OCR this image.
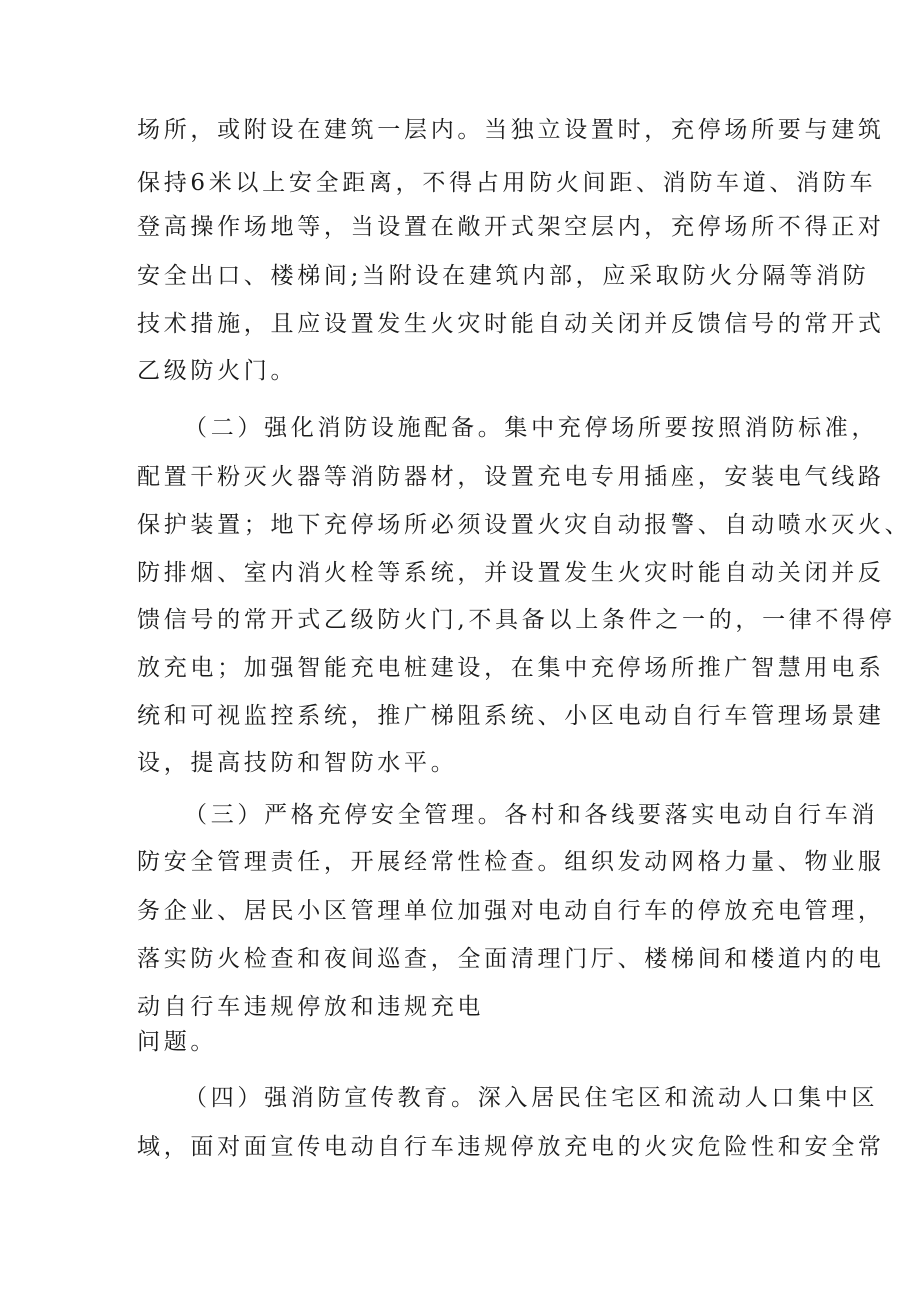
场所，或附设在建筑一层内。当独立设置时，充停场所要与建筑
保持6米以上安全距离，不得占用防火间距、消防车道、消防车
登高操作场地等，当设置在敞开式架空层内，充停场所不得正对
安全出口、楼梯间;当附设在建筑内部，应采取防火分隔等消防
技术措施，且应设置发生火灾时能自动关闭并反馈信号的常开式
乙级防火门。
（二）强化消防设施配备。集中充停场所要按照消防标准，
配置干粉灭火器等消防器材，设置充电专用插座，安装电气线路
保护装置；地下充停场所必须设置火灾自动报警、自动喷水灭火、
防排烟、室内消火栓等系统，并设置发生火灾时能自动关闭并反
馈信号的常开式乙级防火门,不具备以上条件之一的，一律不得停
放充电；加强智能充电桩建设，在集中充停场所推广智慧用电系
统和可视监控系统，推广梯阻系统、小区电动自行车管理场景建
设，提高技防和智防水平。
（三）严格充停安全管理。各村和各线要落实电动自行车消
防安全管理责任，开展经常性检查。组织发动网格力量、物业服
务企业、居民小区管理单位加强对电动自行车的停放充电管理，
落实防火检查和夜间巡查，全面清理门厅、楼梯间和楼道内的电
动自行车违规停放和违规充电
问题。
（四）强消防宣传教育。深入居民住宅区和流动人口集中区
域，面对面宣传电动自行车违规停放充电的火灾危险性和安全常
